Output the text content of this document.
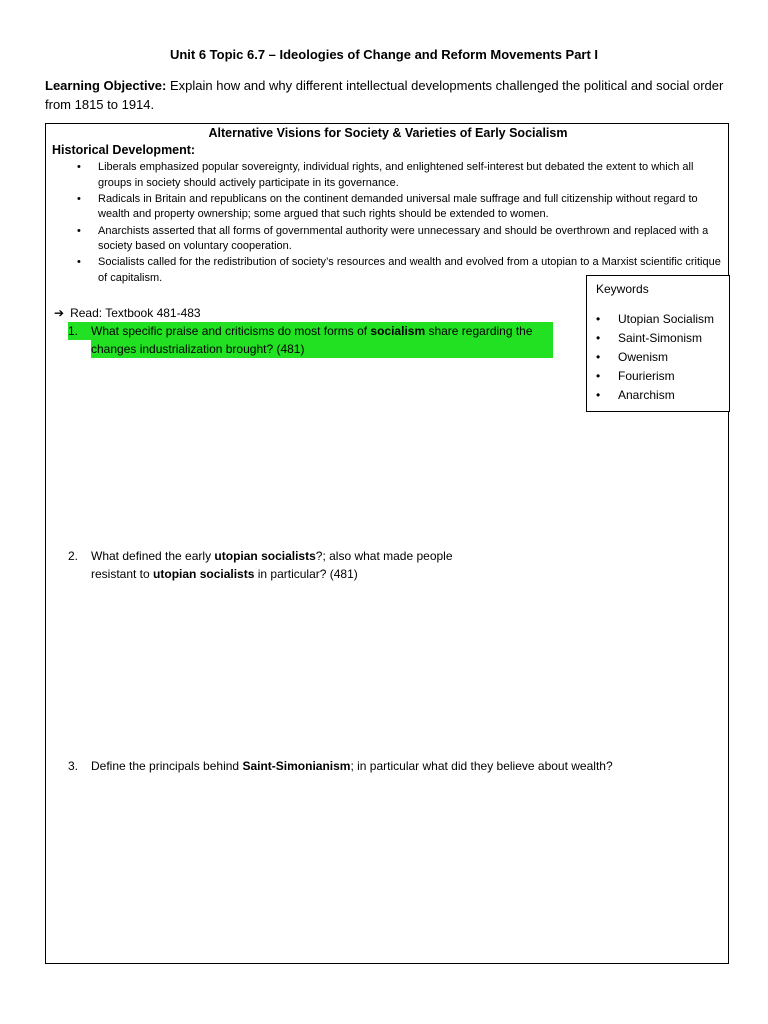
Unit 6 Topic 6.7 – Ideologies of Change and Reform Movements Part I
Learning Objective: Explain how and why different intellectual developments challenged the political and social order from 1815 to 1914.
Alternative Visions for Society & Varieties of Early Socialism
Historical Development:
• Liberals emphasized popular sovereignty, individual rights, and enlightened self-interest but debated the extent to which all groups in society should actively participate in its governance.
• Radicals in Britain and republicans on the continent demanded universal male suffrage and full citizenship without regard to wealth and property ownership; some argued that such rights should be extended to women.
• Anarchists asserted that all forms of governmental authority were unnecessary and should be overthrown and replaced with a society based on voluntary cooperation.
• Socialists called for the redistribution of society’s resources and wealth and evolved from a utopian to a Marxist scientific critique of capitalism.
Keywords
• Utopian Socialism
• Saint-Simonism
• Owenism
• Fourierism
• Anarchism
➔ Read: Textbook 481-483
1.	What specific praise and criticisms do most forms of socialism share regarding the changes industrialization brought? (481)
2. What defined the early utopian socialists?; also what made people resistant to utopian socialists in particular? (481)
3. Define the principals behind Saint-Simonianism; in particular what did they believe about wealth?
